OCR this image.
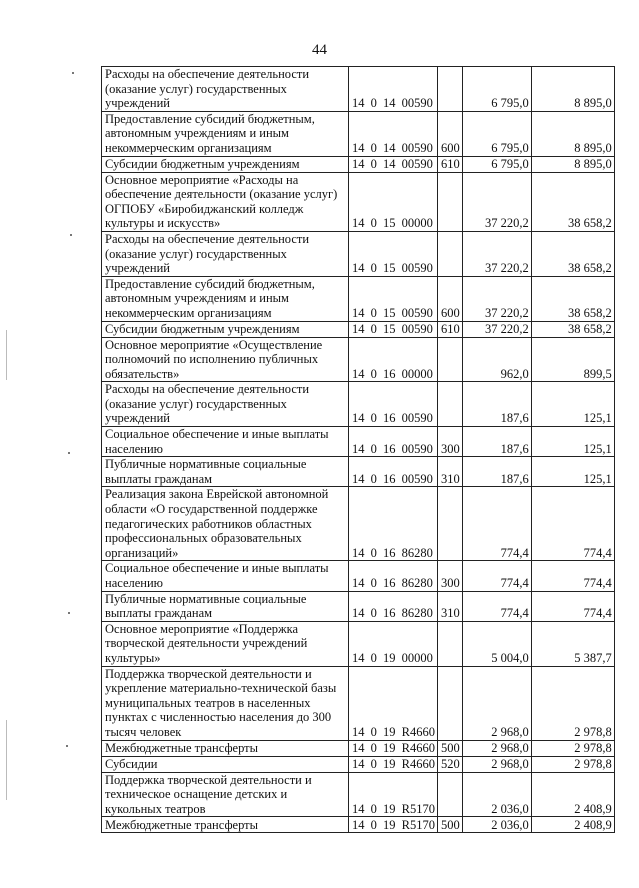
44
Расходы на обеспечение деятельности (оказание услуг) государственных учреждений	14 0 14 00590		6 795,0	8 895,0
Предоставление субсидий бюджетным, автономным учреждениям и иным некоммерческим организациям	14 0 14 00590	600	6 795,0	8 895,0
Субсидии бюджетным учреждениям	14 0 14 00590	610	6 795,0	8 895,0
Основное мероприятие «Расходы на обеспечение деятельности (оказание услуг) ОГПОБУ «Биробиджанский колледж культуры и искусств»	14 0 15 00000		37 220,2	38 658,2
Расходы на обеспечение деятельности (оказание услуг) государственных учреждений	14 0 15 00590		37 220,2	38 658,2
Предоставление субсидий бюджетным, автономным учреждениям и иным некоммерческим организациям	14 0 15 00590	600	37 220,2	38 658,2
Субсидии бюджетным учреждениям	14 0 15 00590	610	37 220,2	38 658,2
Основное мероприятие «Осуществление полномочий по исполнению публичных обязательств»	14 0 16 00000		962,0	899,5
Расходы на обеспечение деятельности (оказание услуг) государственных учреждений	14 0 16 00590		187,6	125,1
Социальное обеспечение и иные выплаты населению	14 0 16 00590	300	187,6	125,1
Публичные нормативные социальные выплаты гражданам	14 0 16 00590	310	187,6	125,1
Реализация закона Еврейской автономной области «О государственной поддержке педагогических работников областных профессиональных образовательных организаций»	14 0 16 86280		774,4	774,4
Социальное обеспечение и иные выплаты населению	14 0 16 86280	300	774,4	774,4
Публичные нормативные социальные выплаты гражданам	14 0 16 86280	310	774,4	774,4
Основное мероприятие «Поддержка творческой деятельности учреждений культуры»	14 0 19 00000		5 004,0	5 387,7
Поддержка творческой деятельности и укрепление материально-технической базы муниципальных театров в населенных пунктах с численностью населения до 300 тысяч человек	14 0 19 R4660		2 968,0	2 978,8
Межбюджетные трансферты	14 0 19 R4660	500	2 968,0	2 978,8
Субсидии	14 0 19 R4660	520	2 968,0	2 978,8
Поддержка творческой деятельности и техническое оснащение детских и кукольных театров	14 0 19 R5170		2 036,0	2 408,9
Межбюджетные трансферты	14 0 19 R5170	500	2 036,0	2 408,9
